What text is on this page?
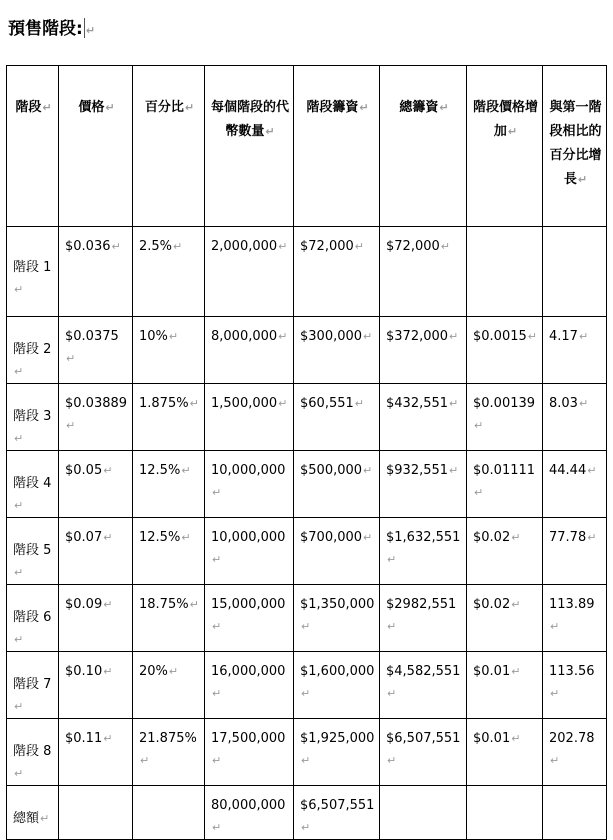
預售階段: ↵
階段↵	價格↵	百分比↵	每個階段的代幣數量↵	階段籌資↵	總籌資↵	階段價格增加↵	與第一階段相比的百分比增長↵

階段 1↵	$0.036↵	2.5%↵	2,000,000↵	$72,000↵	$72,000↵		

階段 2↵	$0.0375↵	10%↵	8,000,000↵	$300,000↵	$372,000↵	$0.0015↵	4.17↵

階段 3↵	$0.03889↵	1.875%↵	1,500,000↵	$60,551↵	$432,551↵	$0.00139↵	8.03↵

階段 4↵	$0.05↵	12.5%↵	10,000,000↵	$500,000↵	$932,551↵	$0.01111↵	44.44↵

階段 5↵	$0.07↵	12.5%↵	10,000,000↵	$700,000↵	$1,632,551↵	$0.02↵	77.78↵

階段 6↵	$0.09↵	18.75%↵	15,000,000↵	$1,350,000↵	$2982,551↵	$0.02↵	113.89↵

階段 7↵	$0.10↵	20%↵	16,000,000↵	$1,600,000↵	$4,582,551↵	$0.01↵	113.56↵

階段 8↵	$0.11↵	21.875%↵	17,500,000↵	$1,925,000↵	$6,507,551↵	$0.01↵	202.78↵

總額↵			80,000,000↵	$6,507,551↵			
